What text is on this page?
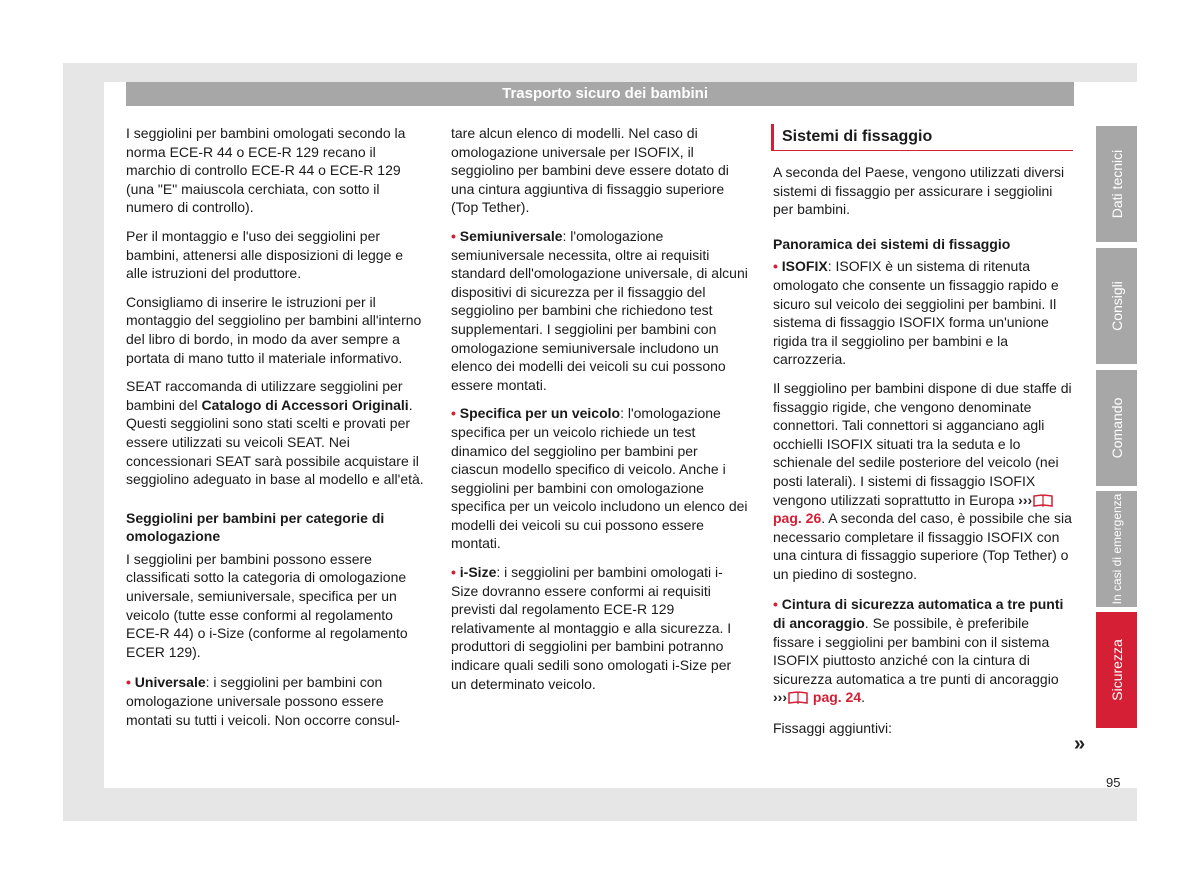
Trasporto sicuro dei bambini

I seggiolini per bambini omologati secondo la norma ECE-R 44 o ECE-R 129 recano il marchio di controllo ECE-R 44 o ECE-R 129 (una "E" maiuscola cerchiata, con sotto il numero di controllo).

Per il montaggio e l'uso dei seggiolini per bambini, attenersi alle disposizioni di legge e alle istruzioni del produttore.

Consigliamo di inserire le istruzioni per il montaggio del seggiolino per bambini all'interno del libro di bordo, in modo da aver sempre a portata di mano tutto il materiale informativo.

SEAT raccomanda di utilizzare seggiolini per bambini del Catalogo di Accessori Originali. Questi seggiolini sono stati scelti e provati per essere utilizzati su veicoli SEAT. Nei concessionari SEAT sarà possibile acquistare il seggiolino adeguato in base al modello e all'età.

Seggiolini per bambini per categorie di omologazione

I seggiolini per bambini possono essere classificati sotto la categoria di omologazione universale, semiuniversale, specifica per un veicolo (tutte esse conformi al regolamento ECE-R 44) o i-Size (conforme al regolamento ECER 129).

• Universale: i seggiolini per bambini con omologazione universale possono essere montati su tutti i veicoli. Non occorre consul-

tare alcun elenco di modelli. Nel caso di omologazione universale per ISOFIX, il seggiolino per bambini deve essere dotato di una cintura aggiuntiva di fissaggio superiore (Top Tether).

• Semiuniversale: l'omologazione semiuniversale necessita, oltre ai requisiti standard dell'omologazione universale, di alcuni dispositivi di sicurezza per il fissaggio del seggiolino per bambini che richiedono test supplementari. I seggiolini per bambini con omologazione semiuniversale includono un elenco dei modelli dei veicoli su cui possono essere montati.

• Specifica per un veicolo: l'omologazione specifica per un veicolo richiede un test dinamico del seggiolino per bambini per ciascun modello specifico di veicolo. Anche i seggiolini per bambini con omologazione specifica per un veicolo includono un elenco dei modelli dei veicoli su cui possono essere montati.

• i-Size: i seggiolini per bambini omologati i-Size dovranno essere conformi ai requisiti previsti dal regolamento ECE-R 129 relativamente al montaggio e alla sicurezza. I produttori di seggiolini per bambini potranno indicare quali sedili sono omologati i-Size per un determinato veicolo.

Sistemi di fissaggio

A seconda del Paese, vengono utilizzati diversi sistemi di fissaggio per assicurare i seggiolini per bambini.

Panoramica dei sistemi di fissaggio

• ISOFIX: ISOFIX è un sistema di ritenuta omologato che consente un fissaggio rapido e sicuro sul veicolo dei seggiolini per bambini. Il sistema di fissaggio ISOFIX forma un'unione rigida tra il seggiolino per bambini e la carrozzeria.

Il seggiolino per bambini dispone di due staffe di fissaggio rigide, che vengono denominate connettori. Tali connettori si agganciano agli occhielli ISOFIX situati tra la seduta e lo schienale del sedile posteriore del veicolo (nei posti laterali). I sistemi di fissaggio ISOFIX vengono utilizzati soprattutto in Europa ››› pag. 26. A seconda del caso, è possibile che sia necessario completare il fissaggio ISOFIX con una cintura di fissaggio superiore (Top Tether) o un piedino di sostegno.

• Cintura di sicurezza automatica a tre punti di ancoraggio. Se possibile, è preferibile fissare i seggiolini per bambini con il sistema ISOFIX piuttosto anziché con la cintura di sicurezza automatica a tre punti di ancoraggio ››› pag. 24.

Fissaggi aggiuntivi:

Dati tecnici
Consigli
Comando
In casi di emergenza
Sicurezza
»
95
